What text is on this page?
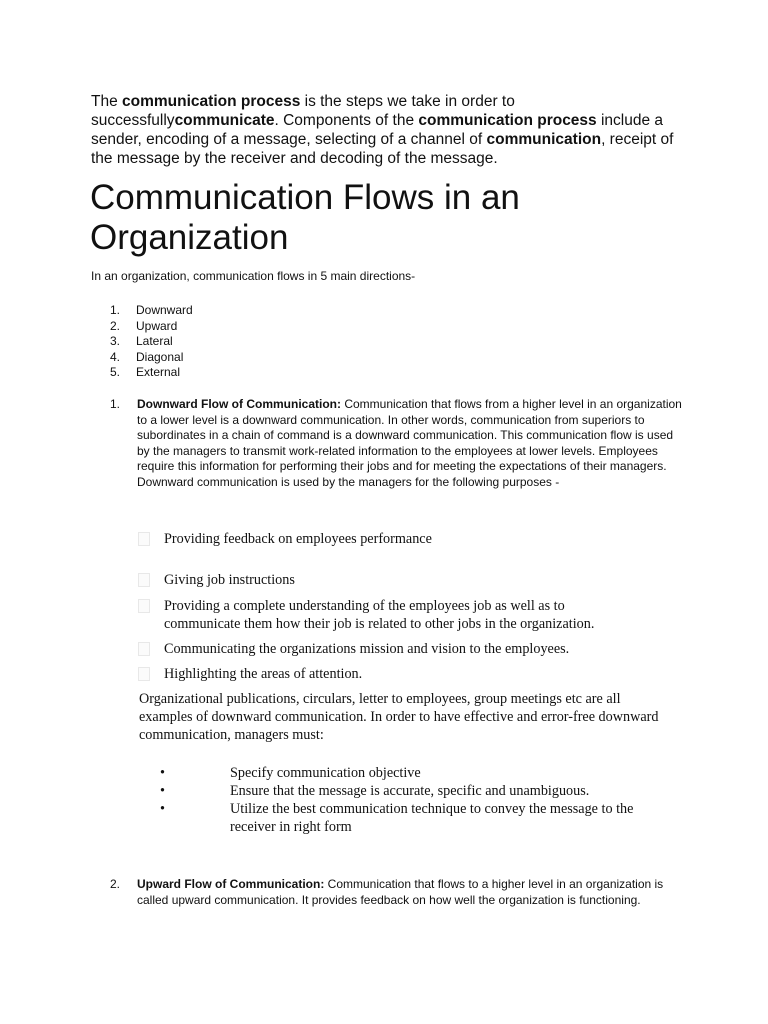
The communication process is the steps we take in order to successfullycommunicate. Components of the communication process include a sender, encoding of a message, selecting of a channel of communication, receipt of the message by the receiver and decoding of the message.

Communication Flows in an Organization

In an organization, communication flows in 5 main directions-

1.	Downward
2.	Upward
3.	Lateral
4.	Diagonal
5.	External
1. Downward Flow of Communication: Communication that flows from a higher level in an organization to a lower level is a downward communication. In other words, communication from superiors to subordinates in a chain of command is a downward communication. This communication flow is used by the managers to transmit work-related information to the employees at lower levels. Employees require this information for performing their jobs and for meeting the expectations of their managers. Downward communication is used by the managers for the following purposes -
Providing feedback on employees performance
Giving job instructions
Providing a complete understanding of the employees job as well as to communicate them how their job is related to other jobs in the organization.
Communicating the organizations mission and vision to the employees.
Highlighting the areas of attention.

Organizational publications, circulars, letter to employees, group meetings etc are all examples of downward communication. In order to have effective and error-free downward communication, managers must:

•	Specify communication objective
•	Ensure that the message is accurate, specific and unambiguous.
•	Utilize the best communication technique to convey the message to the receiver in right form
2. Upward Flow of Communication: Communication that flows to a higher level in an organization is called upward communication. It provides feedback on how well the organization is functioning.
